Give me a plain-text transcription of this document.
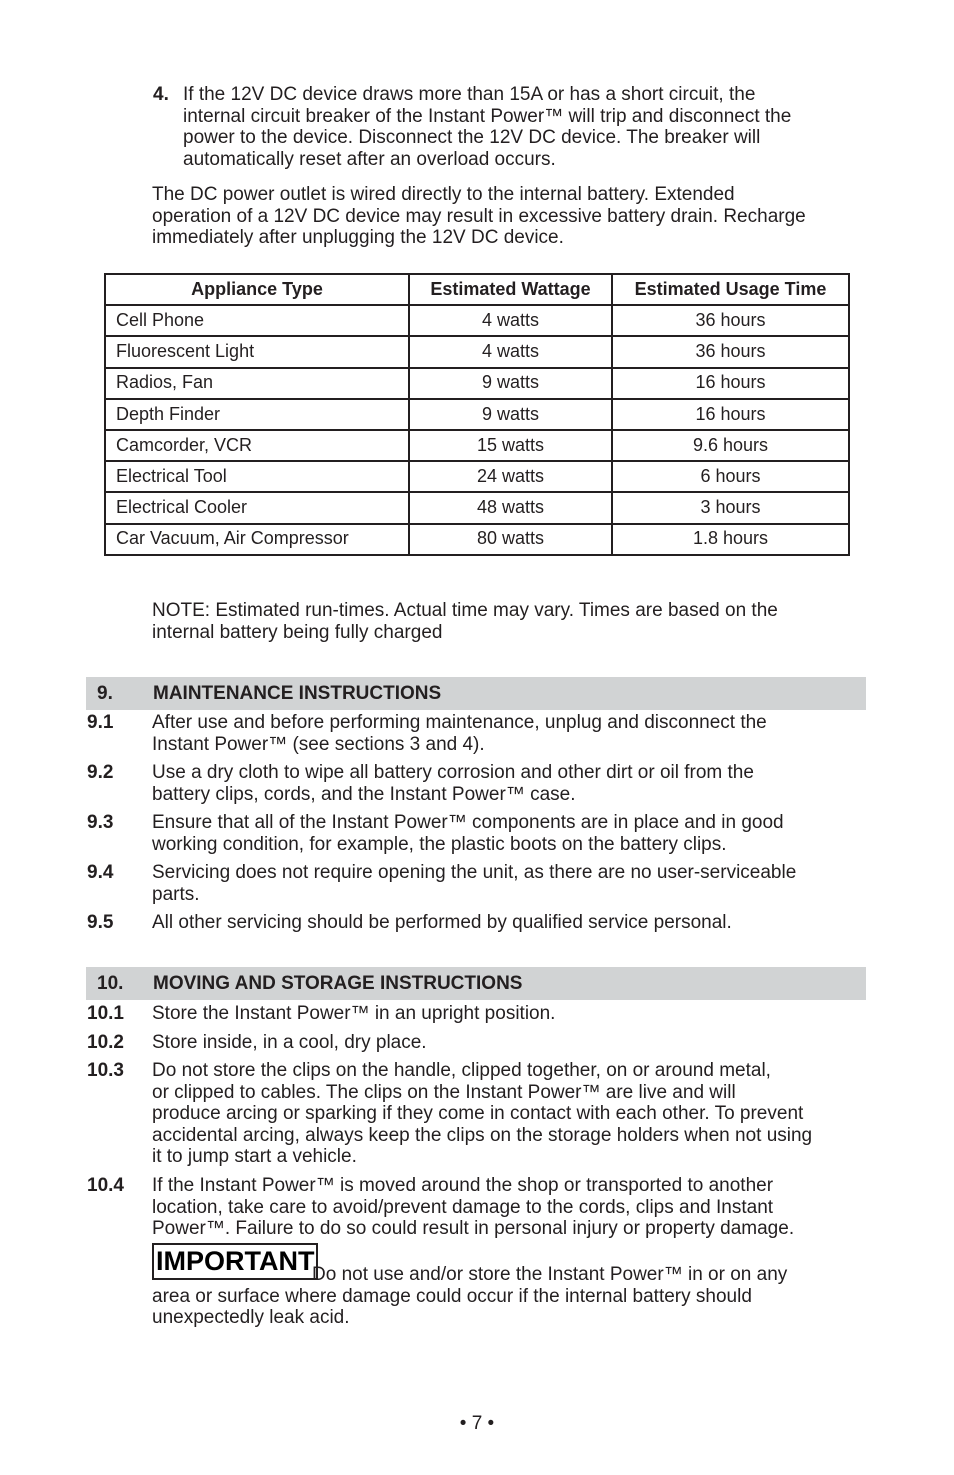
4. If the 12V DC device draws more than 15A or has a short circuit, the
internal circuit breaker of the Instant Power™ will trip and disconnect the
power to the device. Disconnect the 12V DC device. The breaker will
automatically reset after an overload occurs.
The DC power outlet is wired directly to the internal battery. Extended
operation of a 12V DC device may result in excessive battery drain. Recharge
immediately after unplugging the 12V DC device.
Appliance Type	Estimated Wattage	Estimated Usage Time
Cell Phone	4 watts	36 hours
Fluorescent Light	4 watts	36 hours
Radios, Fan	9 watts	16 hours
Depth Finder	9 watts	16 hours
Camcorder, VCR	15 watts	9.6 hours
Electrical Tool	24 watts	6 hours
Electrical Cooler	48 watts	3 hours
Car Vacuum, Air Compressor	80 watts	1.8 hours
NOTE: Estimated run-times. Actual time may vary. Times are based on the
internal battery being fully charged
9. MAINTENANCE INSTRUCTIONS
9.1 After use and before performing maintenance, unplug and disconnect the
Instant Power™ (see sections 3 and 4).
9.2 Use a dry cloth to wipe all battery corrosion and other dirt or oil from the
battery clips, cords, and the Instant Power™ case.
9.3 Ensure that all of the Instant Power™ components are in place and in good
working condition, for example, the plastic boots on the battery clips.
9.4 Servicing does not require opening the unit, as there are no user-serviceable
parts.
9.5 All other servicing should be performed by qualified service personal.
10. MOVING AND STORAGE INSTRUCTIONS
10.1 Store the Instant Power™ in an upright position.
10.2 Store inside, in a cool, dry place.
10.3 Do not store the clips on the handle, clipped together, on or around metal,
or clipped to cables. The clips on the Instant Power™ are live and will
produce arcing or sparking if they come in contact with each other. To prevent
accidental arcing, always keep the clips on the storage holders when not using
it to jump start a vehicle.
10.4 If the Instant Power™ is moved around the shop or transported to another
location, take care to avoid/prevent damage to the cords, clips and Instant
Power™. Failure to do so could result in personal injury or property damage.
IMPORTANT
Do not use and/or store the Instant Power™ in or on any
area or surface where damage could occur if the internal battery should
unexpectedly leak acid.
• 7 •
